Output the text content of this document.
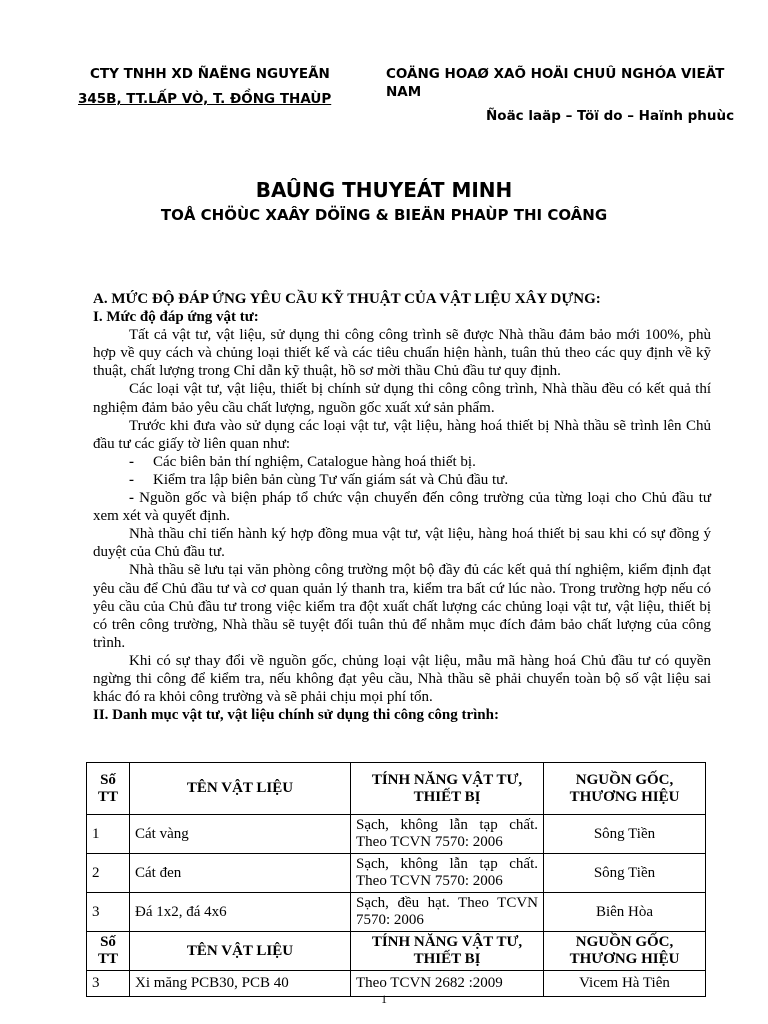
CTY TNHH XD ÑAËNG NGUYEÃN
345B, TT.LẤP VÒ, T. ĐỒNG THAÙP
COÄNG HOAØ XAÕ HOÄI CHUÛ NGHÓA VIEÄT
NAM
Ñoäc laäp – Töï do – Haïnh phuùc
BAÛNG THUYEÁT MINH
TOÅ CHÖÙC XAÂY DÖÏNG & BIEÄN PHAÙP THI COÂNG

A. MỨC ĐỘ ĐÁP ỨNG YÊU CẦU KỸ THUẬT CỦA VẬT LIỆU XÂY DỰNG:

I. Mức độ đáp ứng vật tư:

Tất cả vật tư, vật liệu, sử dụng thi công công trình sẽ được Nhà thầu đảm bảo mới 100%, phù hợp về quy cách và chủng loại thiết kế và các tiêu chuẩn hiện hành, tuân thủ theo các quy định về kỹ thuật, chất lượng trong Chỉ dẫn kỹ thuật, hồ sơ mời thầu Chủ đầu tư quy định.

Các loại vật tư, vật liệu, thiết bị chính sử dụng thi công công trình, Nhà thầu đều có kết quả thí nghiệm đảm bảo yêu cầu chất lượng, nguồn gốc xuất xứ sản phẩm.

Trước khi đưa vào sử dụng các loại vật tư, vật liệu, hàng hoá thiết bị Nhà thầu sẽ trình lên Chủ đầu tư các giấy tờ liên quan như:

- Các biên bản thí nghiệm, Catalogue hàng hoá thiết bị.

- Kiểm tra lập biên bản cùng Tư vấn giám sát và Chủ đầu tư.

- Nguồn gốc và biện pháp tổ chức vận chuyển đến công trường của từng loại cho Chủ đầu tư xem xét và quyết định.

Nhà thầu chỉ tiến hành ký hợp đồng mua vật tư, vật liệu, hàng hoá thiết bị sau khi có sự đồng ý duyệt của Chủ đầu tư.

Nhà thầu sẽ lưu tại văn phòng công trường một bộ đầy đủ các kết quả thí nghiệm, kiểm định đạt yêu cầu để Chủ đầu tư và cơ quan quản lý thanh tra, kiểm tra bất cứ lúc nào. Trong trường hợp nếu có yêu cầu của Chủ đầu tư trong việc kiểm tra đột xuất chất lượng các chủng loại vật tư, vật liệu, thiết bị có trên công trường, Nhà thầu sẽ tuyệt đối tuân thủ để nhằm mục đích đảm bảo chất lượng của công trình.

Khi có sự thay đổi về nguồn gốc, chủng loại vật liệu, mẫu mã hàng hoá Chủ đầu tư có quyền ngừng thi công để kiểm tra, nếu không đạt yêu cầu, Nhà thầu sẽ phải chuyển toàn bộ số vật liệu sai khác đó ra khỏi công trường và sẽ phải chịu mọi phí tổn.

II. Danh mục vật tư, vật liệu chính sử dụng thi công công trình:

Số TT	TÊN VẬT LIỆU	TÍNH NĂNG VẬT TƯ, THIẾT BỊ	NGUỒN GỐC, THƯƠNG HIỆU
1	Cát vàng	Sạch, không lẫn tạp chất. Theo TCVN 7570: 2006	Sông Tiền
2	Cát đen	Sạch, không lẫn tạp chất. Theo TCVN 7570: 2006	Sông Tiền
3	Đá 1x2, đá 4x6	Sạch, đều hạt. Theo TCVN 7570: 2006	Biên Hòa
Số TT	TÊN VẬT LIỆU	TÍNH NĂNG VẬT TƯ, THIẾT BỊ	NGUỒN GỐC, THƯƠNG HIỆU
3	Xi măng PCB30, PCB 40	Theo TCVN 2682 :2009	Vicem Hà Tiên
1
